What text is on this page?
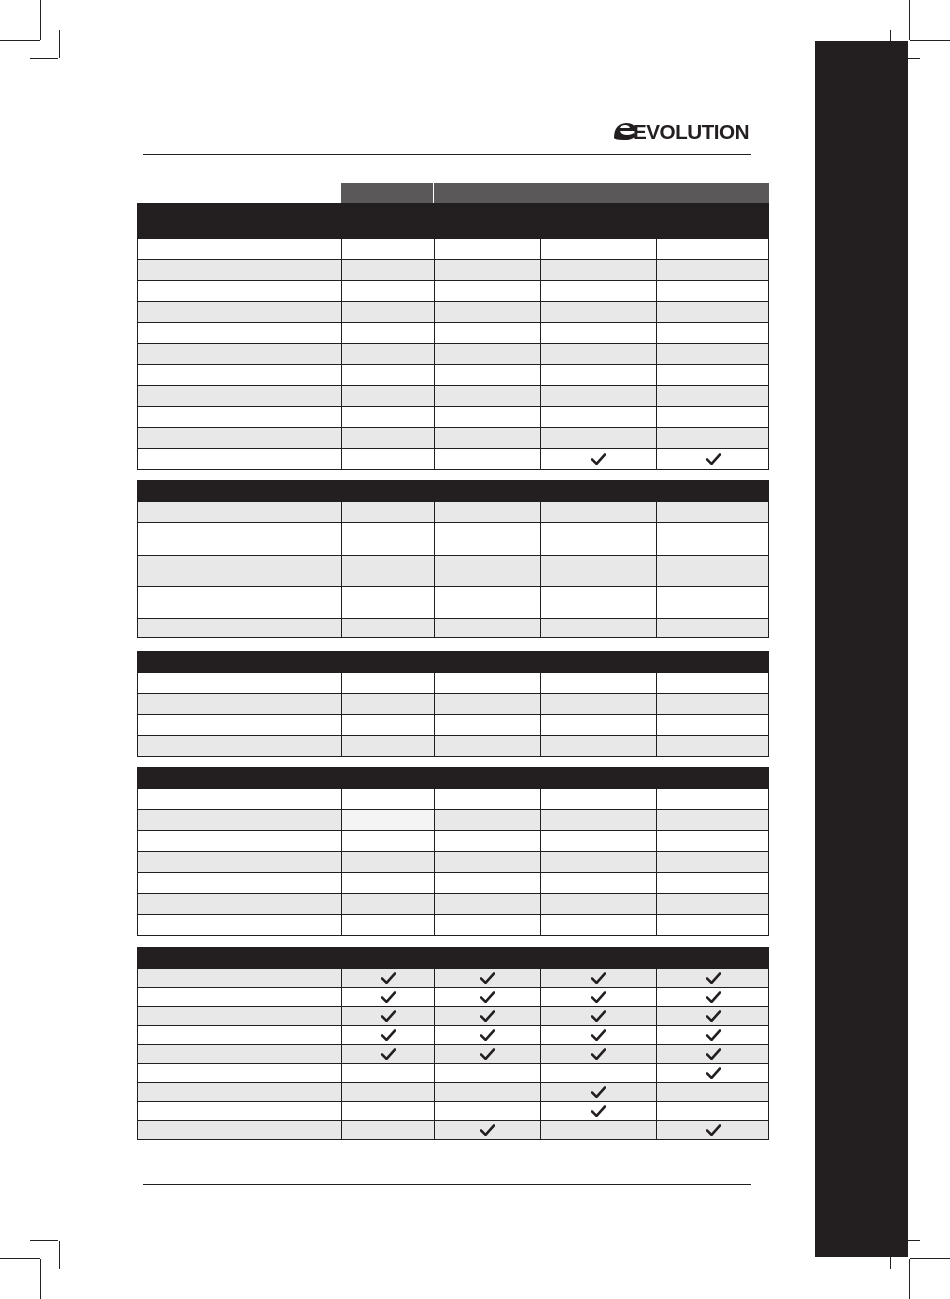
EVOLUTION
